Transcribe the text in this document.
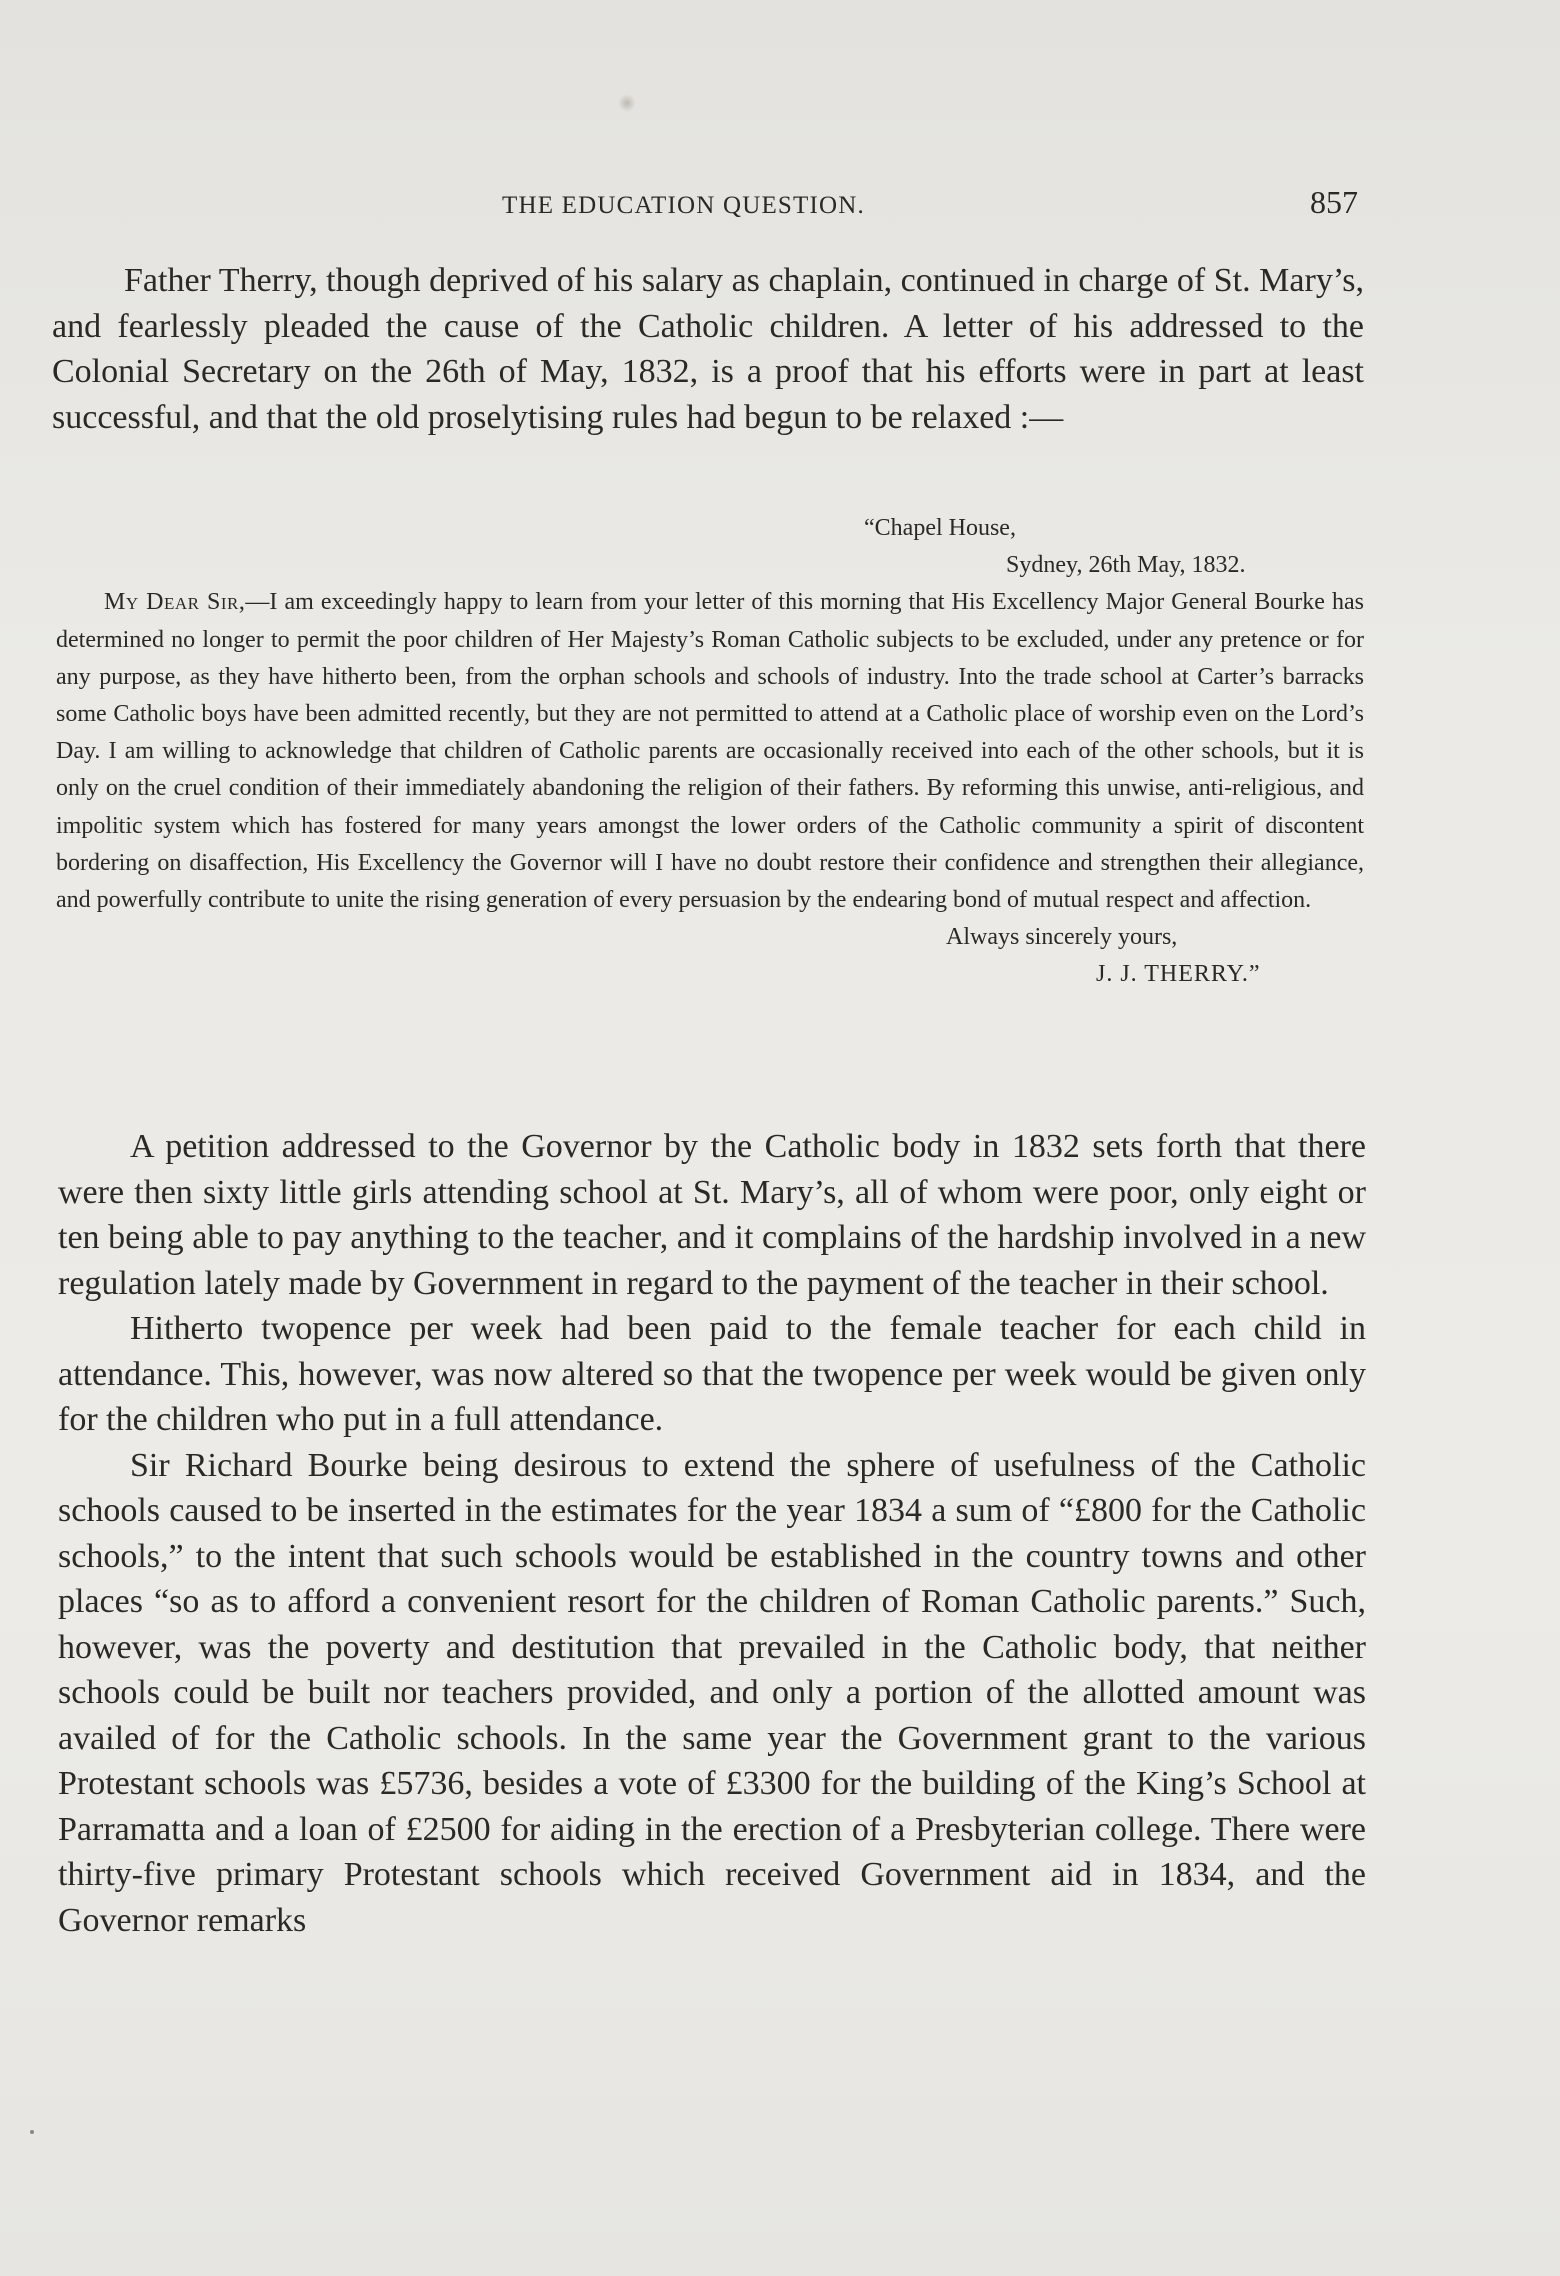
THE EDUCATION QUESTION.	857

Father Therry, though deprived of his salary as chaplain, continued in charge of St. Mary’s, and fearlessly pleaded the cause of the Catholic children. A letter of his addressed to the Colonial Secretary on the 26th of May, 1832, is a proof that his efforts were in part at least successful, and that the old proselytising rules had begun to be relaxed :—

“Chapel House,

Sydney, 26th May, 1832.

My Dear Sir,—I am exceedingly happy to learn from your letter of this morning that His Excellency Major General Bourke has determined no longer to permit the poor children of Her Majesty’s Roman Catholic subjects to be excluded, under any pretence or for any purpose, as they have hitherto been, from the orphan schools and schools of industry. Into the trade school at Carter’s barracks some Catholic boys have been admitted recently, but they are not permitted to attend at a Catholic place of worship even on the Lord’s Day. I am willing to acknowledge that children of Catholic parents are occasionally received into each of the other schools, but it is only on the cruel condition of their immediately abandoning the religion of their fathers. By reforming this unwise, anti-religious, and impolitic system which has fostered for many years amongst the lower orders of the Catholic community a spirit of discontent bordering on disaffection, His Excellency the Governor will I have no doubt restore their confidence and strengthen their allegiance, and powerfully contribute to unite the rising generation of every persuasion by the endearing bond of mutual respect and affection.

Always sincerely yours,

J. J. THERRY.”

A petition addressed to the Governor by the Catholic body in 1832 sets forth that there were then sixty little girls attending school at St. Mary’s, all of whom were poor, only eight or ten being able to pay anything to the teacher, and it complains of the hardship involved in a new regulation lately made by Government in regard to the payment of the teacher in their school.

Hitherto twopence per week had been paid to the female teacher for each child in attendance. This, however, was now altered so that the twopence per week would be given only for the children who put in a full attendance.

Sir Richard Bourke being desirous to extend the sphere of usefulness of the Catholic schools caused to be inserted in the estimates for the year 1834 a sum of “£800 for the Catholic schools,” to the intent that such schools would be established in the country towns and other places “so as to afford a convenient resort for the children of Roman Catholic parents.” Such, however, was the poverty and destitution that prevailed in the Catholic body, that neither schools could be built nor teachers provided, and only a portion of the allotted amount was availed of for the Catholic schools. In the same year the Government grant to the various Protestant schools was £5736, besides a vote of £3300 for the building of the King’s School at Parramatta and a loan of £2500 for aiding in the erection of a Presbyterian college. There were thirty-five primary Protestant schools which received Government aid in 1834, and the Governor remarks
